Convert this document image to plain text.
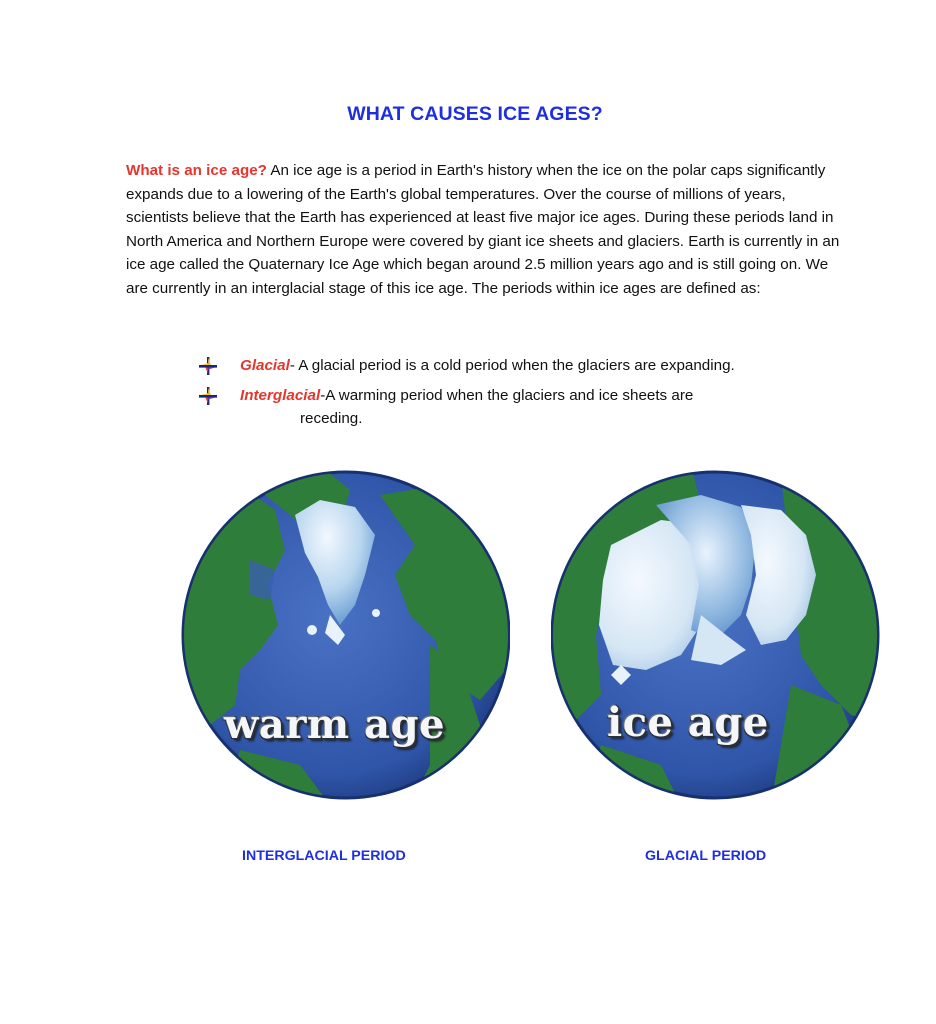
WHAT CAUSES ICE AGES?
What is an ice age? An ice age is a period in Earth's history when the ice on the polar caps significantly expands due to a lowering of the Earth's global temperatures. Over the course of millions of years, scientists believe that the Earth has experienced at least five major ice ages. During these periods land in North America and Northern Europe were covered by giant ice sheets and glaciers. Earth is currently in an ice age called the Quaternary Ice Age which began around 2.5 million years ago and is still going on. We are currently in an interglacial stage of this ice age. The periods within ice ages are defined as:
Glacial- A glacial period is a cold period when the glaciers are expanding.
Interglacial-A warming period when the glaciers and ice sheets are
receding.
warm age	ice age
INTERGLACIAL PERIOD	GLACIAL PERIOD
